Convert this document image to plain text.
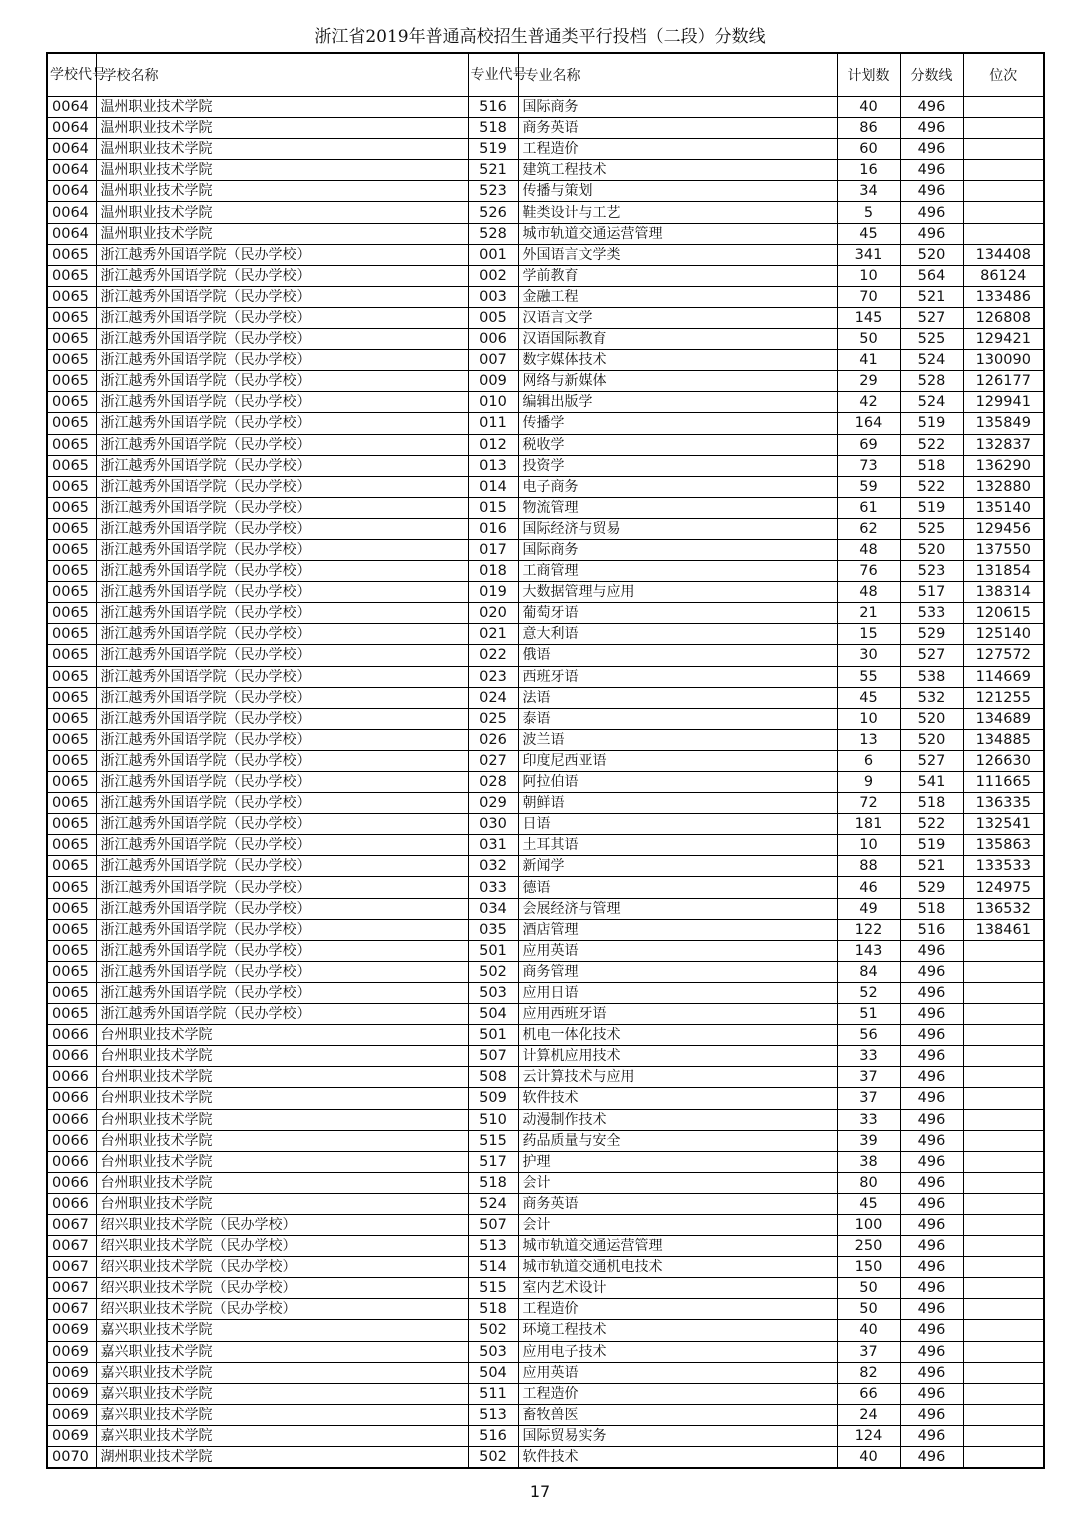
浙江省2019年普通高校招生普通类平行投档（二段）分数线
学校代号	学校名称	专业代号	专业名称	计划数	分数线	位次
0064	温州职业技术学院	516	国际商务	40	496	
0064	温州职业技术学院	518	商务英语	86	496	
0064	温州职业技术学院	519	工程造价	60	496	
0064	温州职业技术学院	521	建筑工程技术	16	496	
0064	温州职业技术学院	523	传播与策划	34	496	
0064	温州职业技术学院	526	鞋类设计与工艺	5	496	
0064	温州职业技术学院	528	城市轨道交通运营管理	45	496	
0065	浙江越秀外国语学院（民办学校）	001	外国语言文学类	341	520	134408
0065	浙江越秀外国语学院（民办学校）	002	学前教育	10	564	86124
0065	浙江越秀外国语学院（民办学校）	003	金融工程	70	521	133486
0065	浙江越秀外国语学院（民办学校）	005	汉语言文学	145	527	126808
0065	浙江越秀外国语学院（民办学校）	006	汉语国际教育	50	525	129421
0065	浙江越秀外国语学院（民办学校）	007	数字媒体技术	41	524	130090
0065	浙江越秀外国语学院（民办学校）	009	网络与新媒体	29	528	126177
0065	浙江越秀外国语学院（民办学校）	010	编辑出版学	42	524	129941
0065	浙江越秀外国语学院（民办学校）	011	传播学	164	519	135849
0065	浙江越秀外国语学院（民办学校）	012	税收学	69	522	132837
0065	浙江越秀外国语学院（民办学校）	013	投资学	73	518	136290
0065	浙江越秀外国语学院（民办学校）	014	电子商务	59	522	132880
0065	浙江越秀外国语学院（民办学校）	015	物流管理	61	519	135140
0065	浙江越秀外国语学院（民办学校）	016	国际经济与贸易	62	525	129456
0065	浙江越秀外国语学院（民办学校）	017	国际商务	48	520	137550
0065	浙江越秀外国语学院（民办学校）	018	工商管理	76	523	131854
0065	浙江越秀外国语学院（民办学校）	019	大数据管理与应用	48	517	138314
0065	浙江越秀外国语学院（民办学校）	020	葡萄牙语	21	533	120615
0065	浙江越秀外国语学院（民办学校）	021	意大利语	15	529	125140
0065	浙江越秀外国语学院（民办学校）	022	俄语	30	527	127572
0065	浙江越秀外国语学院（民办学校）	023	西班牙语	55	538	114669
0065	浙江越秀外国语学院（民办学校）	024	法语	45	532	121255
0065	浙江越秀外国语学院（民办学校）	025	泰语	10	520	134689
0065	浙江越秀外国语学院（民办学校）	026	波兰语	13	520	134885
0065	浙江越秀外国语学院（民办学校）	027	印度尼西亚语	6	527	126630
0065	浙江越秀外国语学院（民办学校）	028	阿拉伯语	9	541	111665
0065	浙江越秀外国语学院（民办学校）	029	朝鲜语	72	518	136335
0065	浙江越秀外国语学院（民办学校）	030	日语	181	522	132541
0065	浙江越秀外国语学院（民办学校）	031	土耳其语	10	519	135863
0065	浙江越秀外国语学院（民办学校）	032	新闻学	88	521	133533
0065	浙江越秀外国语学院（民办学校）	033	德语	46	529	124975
0065	浙江越秀外国语学院（民办学校）	034	会展经济与管理	49	518	136532
0065	浙江越秀外国语学院（民办学校）	035	酒店管理	122	516	138461
0065	浙江越秀外国语学院（民办学校）	501	应用英语	143	496	
0065	浙江越秀外国语学院（民办学校）	502	商务管理	84	496	
0065	浙江越秀外国语学院（民办学校）	503	应用日语	52	496	
0065	浙江越秀外国语学院（民办学校）	504	应用西班牙语	51	496	
0066	台州职业技术学院	501	机电一体化技术	56	496	
0066	台州职业技术学院	507	计算机应用技术	33	496	
0066	台州职业技术学院	508	云计算技术与应用	37	496	
0066	台州职业技术学院	509	软件技术	37	496	
0066	台州职业技术学院	510	动漫制作技术	33	496	
0066	台州职业技术学院	515	药品质量与安全	39	496	
0066	台州职业技术学院	517	护理	38	496	
0066	台州职业技术学院	518	会计	80	496	
0066	台州职业技术学院	524	商务英语	45	496	
0067	绍兴职业技术学院（民办学校）	507	会计	100	496	
0067	绍兴职业技术学院（民办学校）	513	城市轨道交通运营管理	250	496	
0067	绍兴职业技术学院（民办学校）	514	城市轨道交通机电技术	150	496	
0067	绍兴职业技术学院（民办学校）	515	室内艺术设计	50	496	
0067	绍兴职业技术学院（民办学校）	518	工程造价	50	496	
0069	嘉兴职业技术学院	502	环境工程技术	40	496	
0069	嘉兴职业技术学院	503	应用电子技术	37	496	
0069	嘉兴职业技术学院	504	应用英语	82	496	
0069	嘉兴职业技术学院	511	工程造价	66	496	
0069	嘉兴职业技术学院	513	畜牧兽医	24	496	
0069	嘉兴职业技术学院	516	国际贸易实务	124	496	
0070	湖州职业技术学院	502	软件技术	40	496	
17
